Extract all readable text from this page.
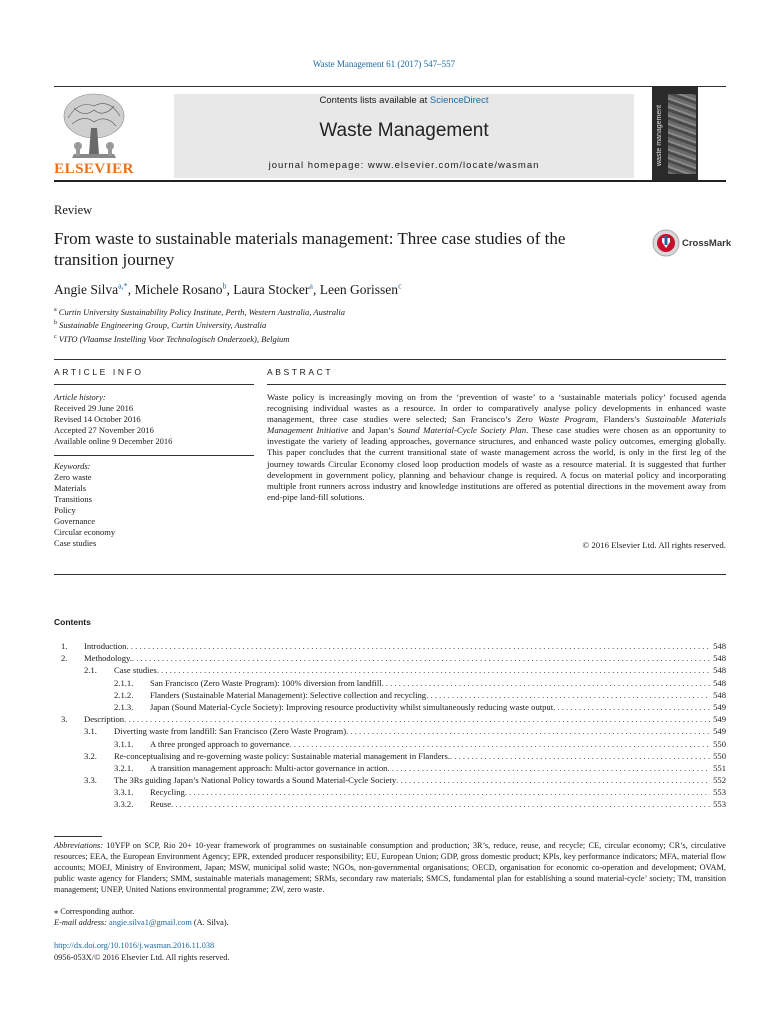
Waste Management 61 (2017) 547–557
ELSEVIER
Contents lists available at ScienceDirect
Waste Management
journal homepage: www.elsevier.com/locate/wasman	waste management
Review
From waste to sustainable materials management: Three case studies of the transition journey
CrossMark
Angie Silva$^{a,*}$, Michele Rosano$^b$, Laura Stocker$^a$, Leen Gorissen$^c$
$^a$ Curtin University Sustainability Policy Institute, Perth, Western Australia, Australia
$^b$ Sustainable Engineering Group, Curtin University, Australia
$^c$ VITO (Vlaamse Instelling Voor Technologisch Onderzoek), Belgium
ARTICLE INFO	ABSTRACT
Article history:
Received 29 June 2016
Revised 14 October 2016
Accepted 27 November 2016
Available online 9 December 2016
Keywords:
Zero waste
Materials
Transitions
Policy
Governance
Circular economy
Case studies
Waste policy is increasingly moving on from the ‘prevention of waste’ to a ‘sustainable materials policy’ focused agenda recognising individual wastes as a resource. In order to comparatively analyse policy developments in enhanced waste management, three case studies were selected; San Francisco’s Zero Waste Program, Flanders’s Sustainable Materials Management Initiative and Japan’s Sound Material-Cycle Society Plan. These case studies were chosen as an opportunity to investigate the variety of leading approaches, governance structures, and enhanced waste policy outcomes, emerging globally. This paper concludes that the current transitional state of waste management across the world, is only in the first leg of the journey towards Circular Economy closed loop production models of waste as a resource material. It is suggested that further development in government policy, planning and behaviour change is required. A focus on material policy and incorporating multiple front runners across industry and knowledge institutions are offered as potential directions in the movement away from end-pipe land-fill solutions.
© 2016 Elsevier Ltd. All rights reserved.
Contents
1.	Introduction . . .	548
2.	Methodology. . . .	548
2.1.	Case studies . . .	548
2.1.1.	San Francisco (Zero Waste Program): 100% diversion from landfill . . .	548
2.1.2.	Flanders (Sustainable Material Management): Selective collection and recycling . . .	548
2.1.3.	Japan (Sound Material-Cycle Society): Improving resource productivity whilst simultaneously reducing waste output . . .	549
3.	Description . . .	549
3.1.	Diverting waste from landfill: San Francisco (Zero Waste Program) . . .	549
3.1.1.	A three pronged approach to governance . . .	550
3.2.	Re-conceptualising and re-governing waste policy: Sustainable material management in Flanders. . . .	550
3.2.1.	A transition management approach: Multi-actor governance in action . . .	551
3.3.	The 3Rs guiding Japan’s National Policy towards a Sound Material-Cycle Society . . .	552
3.3.1.	Recycling . . .	553
3.3.2.	Reuse . . .	553
Abbreviations: 10YFP on SCP, Rio 20+ 10-year framework of programmes on sustainable consumption and production; 3R’s, reduce, reuse, and recycle; CE, circular economy; CR’s, circulative resources; EEA, the European Environment Agency; EPR, extended producer responsibility; EU, European Union; GDP, gross domestic product; KPIs, key performance indicators; MFA, material flow accounts; MOEJ, Ministry of Environment, Japan; MSW, municipal solid waste; NGOs, non-governmental organisations; OECD, organisation for economic co-operation and development; OVAM, public waste agency for Flanders; SMM, sustainable materials management; SRMs, secondary raw materials; SMCS, fundamental plan for establishing a sound material-cycle’ society; TM, transition management; UNEP, United Nations environmental programme; ZW, zero waste.
⁎ Corresponding author.
E-mail address: angie.silva1@gmail.com (A. Silva).
http://dx.doi.org/10.1016/j.wasman.2016.11.038
0956-053X/© 2016 Elsevier Ltd. All rights reserved.
